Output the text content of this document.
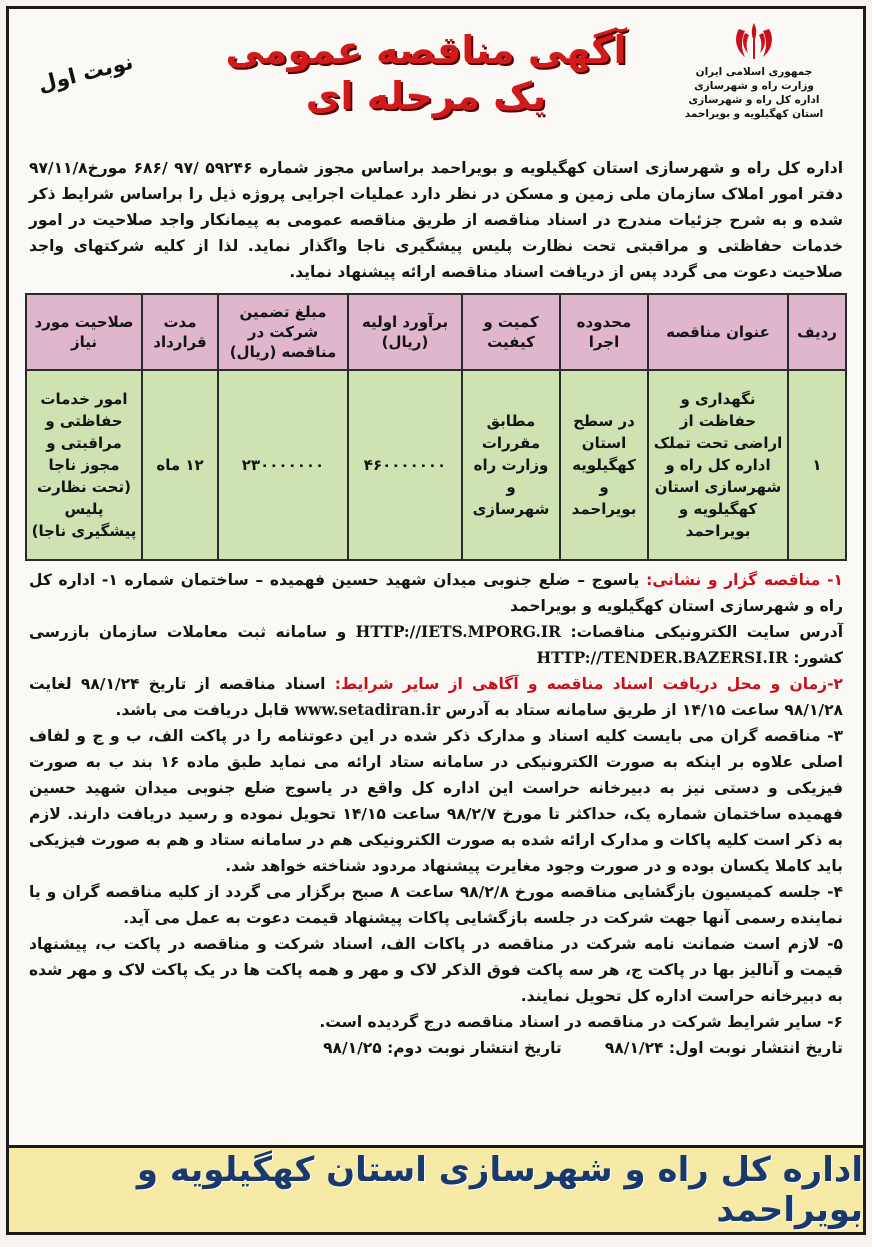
جمهوری اسلامی ایران
وزارت راه و شهرسازی
اداره کل راه و شهرسازی
استان کهگیلویه و بویراحمد
آگهی مناقصه عمومی
یک مرحله ای
نوبت اول
اداره کل راه و شهرسازی استان کهگیلویه و بویراحمد براساس مجوز شماره ۵۹۲۴۶ /۹۷ /۶۸۶ مورخ۹۷/۱۱/۸ دفتر امور املاک سازمان ملی زمین و مسکن در نظر دارد عملیات اجرایی پروژه ذیل را براساس شرایط ذکر شده و به شرح جزئیات مندرج در اسناد مناقصه از طریق مناقصه عمومی به پیمانکار واجد صلاحیت در امور خدمات حفاظتی و مراقبتی تحت نظارت پلیس پیشگیری ناجا واگذار نماید. لذا از کلیه شرکتهای واجد صلاحیت دعوت می گردد پس از دریافت اسناد مناقصه ارائه پیشنهاد نماید.
ردیف	عنوان مناقصه	محدوده اجرا	کمیت و کیفیت	برآورد اولیه (ریال)	مبلغ تضمین شرکت در مناقصه (ریال)	مدت قرارداد	صلاحیت مورد نیاز
۱	نگهداری و حفاظت از اراضی تحت تملک اداره کل راه و شهرسازی استان کهگیلویه و بویراحمد	در سطح استان کهگیلویه و بویراحمد	مطابق مقررات وزارت راه و شهرسازی	۴۶۰۰۰۰۰۰۰	۲۳۰۰۰۰۰۰۰	۱۲ ماه	امور خدمات حفاظتی و مراقبتی و مجوز ناجا (تحت نظارت پلیس پیشگیری ناجا)

۱- مناقصه گزار و نشانی: یاسوج – ضلع جنوبی میدان شهید حسین فهمیده – ساختمان شماره ۱- اداره کل راه و شهرسازی استان کهگیلویه و بویراحمد

آدرس سایت الکترونیکی مناقصات: HTTP://IETS.MPORG.IR و سامانه ثبت معاملات سازمان بازرسی کشور: HTTP://TENDER.BAZERSI.IR

۲-زمان و محل دریافت اسناد مناقصه و آگاهی از سایر شرایط: اسناد مناقصه از تاریخ ۹۸/۱/۲۴ لغایت ۹۸/۱/۲۸ ساعت ۱۴/۱۵ از طریق سامانه ستاد به آدرس www.setadiran.ir قابل دریافت می باشد.

۳- مناقصه گران می بایست کلیه اسناد و مدارک ذکر شده در این دعوتنامه را در پاکت الف، ب و ج و لفاف اصلی علاوه بر اینکه به صورت الکترونیکی در سامانه ستاد ارائه می نماید طبق ماده ۱۶ بند ب به صورت فیزیکی و دستی نیز به دبیرخانه حراست این اداره کل واقع در یاسوج ضلع جنوبی میدان شهید حسین فهمیده ساختمان شماره یک، حداکثر تا مورخ ۹۸/۲/۷ ساعت ۱۴/۱۵ تحویل نموده و رسید دریافت دارند. لازم به ذکر است کلیه پاکات و مدارک ارائه شده به صورت الکترونیکی هم در سامانه ستاد و هم به صورت فیزیکی باید کاملا یکسان بوده و در صورت وجود مغایرت پیشنهاد مردود شناخته خواهد شد.

۴- جلسه کمیسیون بازگشایی مناقصه مورخ ۹۸/۲/۸ ساعت ۸ صبح برگزار می گردد از کلیه مناقصه گران و یا نماینده رسمی آنها جهت شرکت در جلسه بازگشایی پاکات پیشنهاد قیمت دعوت به عمل می آید.

۵- لازم است ضمانت نامه شرکت در مناقصه در پاکات الف، اسناد شرکت و مناقصه در پاکت ب، پیشنهاد قیمت و آنالیز بها در پاکت ج، هر سه پاکت فوق الذکر لاک و مهر و همه پاکت ها در یک پاکت لاک و مهر شده به دبیرخانه حراست اداره کل تحویل نمایند.

۶- سایر شرایط شرکت در مناقصه در اسناد مناقصه درج گردیده است.

تاریخ انتشار نوبت اول: ۹۸/۱/۲۴        تاریخ انتشار نوبت دوم: ۹۸/۱/۲۵

اداره کل راه و شهرسازی استان کهگیلویه و بویراحمد
